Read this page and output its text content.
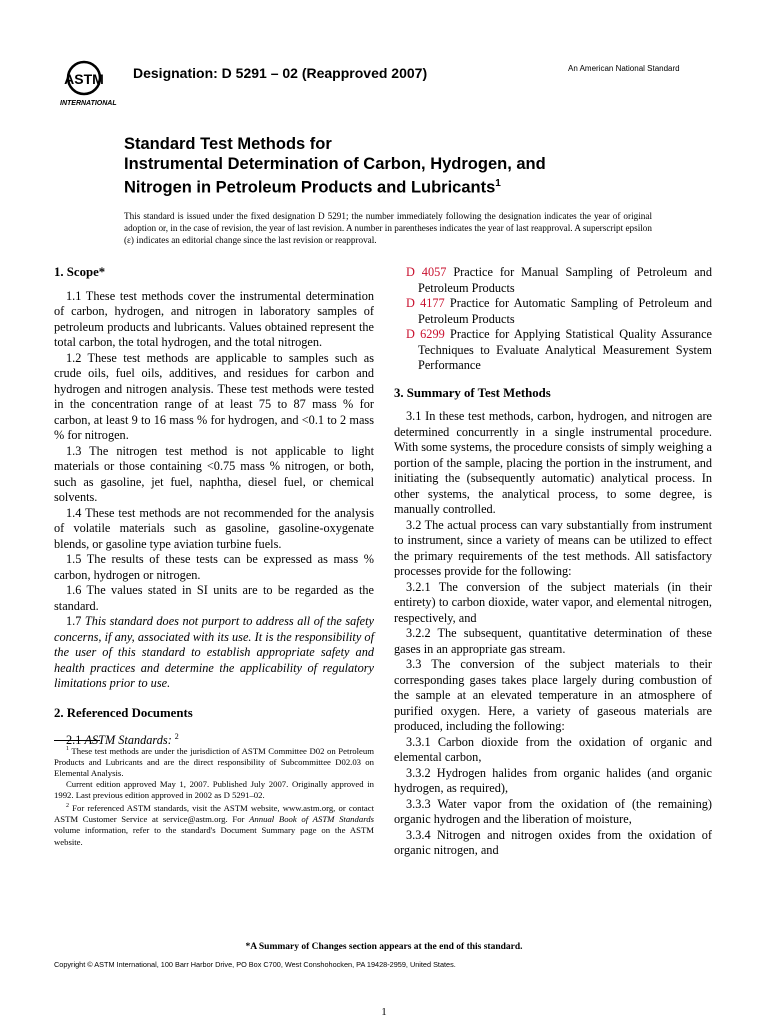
ASTM
INTERNATIONAL
Designation: D 5291 – 02 (Reapproved 2007)	An American National Standard
Standard Test Methods for
Instrumental Determination of Carbon, Hydrogen, and
Nitrogen in Petroleum Products and Lubricants$^1$
This standard is issued under the fixed designation D 5291; the number immediately following the designation indicates the year of original adoption or, in the case of revision, the year of last revision. A number in parentheses indicates the year of last reapproval. A superscript epsilon (ε) indicates an editorial change since the last revision or reapproval.
1. Scope*

1.1 These test methods cover the instrumental determination of carbon, hydrogen, and nitrogen in laboratory samples of petroleum products and lubricants. Values obtained represent the total carbon, the total hydrogen, and the total nitrogen.

1.2 These test methods are applicable to samples such as crude oils, fuel oils, additives, and residues for carbon and hydrogen and nitrogen analysis. These test methods were tested in the concentration range of at least 75 to 87 mass % for carbon, at least 9 to 16 mass % for hydrogen, and <0.1 to 2 mass % for nitrogen.

1.3 The nitrogen test method is not applicable to light materials or those containing <0.75 mass % nitrogen, or both, such as gasoline, jet fuel, naphtha, diesel fuel, or chemical solvents.

1.4 These test methods are not recommended for the analysis of volatile materials such as gasoline, gasoline-oxygenate blends, or gasoline type aviation turbine fuels.

1.5 The results of these tests can be expressed as mass % carbon, hydrogen or nitrogen.

1.6 The values stated in SI units are to be regarded as the standard.

1.7 This standard does not purport to address all of the safety concerns, if any, associated with its use. It is the responsibility of the user of this standard to establish appropriate safety and health practices and determine the applicability of regulatory limitations prior to use.

2. Referenced Documents

2.1 ASTM Standards: $^2$

$^1$ These test methods are under the jurisdiction of ASTM Committee D02 on Petroleum Products and Lubricants and are the direct responsibility of Subcommittee D02.03 on Elemental Analysis.

Current edition approved May 1, 2007. Published July 2007. Originally approved in 1992. Last previous edition approved in 2002 as D 5291–02.

$^2$ For referenced ASTM standards, visit the ASTM website, www.astm.org, or contact ASTM Customer Service at service@astm.org. For Annual Book of ASTM Standards volume information, refer to the standard's Document Summary page on the ASTM website.

D 4057 Practice for Manual Sampling of Petroleum and Petroleum Products
D 4177 Practice for Automatic Sampling of Petroleum and Petroleum Products
D 6299 Practice for Applying Statistical Quality Assurance Techniques to Evaluate Analytical Measurement System Performance
3. Summary of Test Methods

3.1 In these test methods, carbon, hydrogen, and nitrogen are determined concurrently in a single instrumental procedure. With some systems, the procedure consists of simply weighing a portion of the sample, placing the portion in the instrument, and initiating the (subsequently automatic) analytical process. In other systems, the analytical process, to some degree, is manually controlled.

3.2 The actual process can vary substantially from instrument to instrument, since a variety of means can be utilized to effect the primary requirements of the test methods. All satisfactory processes provide for the following:

3.2.1 The conversion of the subject materials (in their entirety) to carbon dioxide, water vapor, and elemental nitrogen, respectively, and

3.2.2 The subsequent, quantitative determination of these gases in an appropriate gas stream.

3.3 The conversion of the subject materials to their corresponding gases takes place largely during combustion of the sample at an elevated temperature in an atmosphere of purified oxygen. Here, a variety of gaseous materials are produced, including the following:

3.3.1 Carbon dioxide from the oxidation of organic and elemental carbon,

3.3.2 Hydrogen halides from organic halides (and organic hydrogen, as required),

3.3.3 Water vapor from the oxidation of (the remaining) organic hydrogen and the liberation of moisture,

3.3.4 Nitrogen and nitrogen oxides from the oxidation of organic nitrogen, and

*A Summary of Changes section appears at the end of this standard.
Copyright © ASTM International, 100 Barr Harbor Drive, PO Box C700, West Conshohocken, PA 19428-2959, United States.
1
